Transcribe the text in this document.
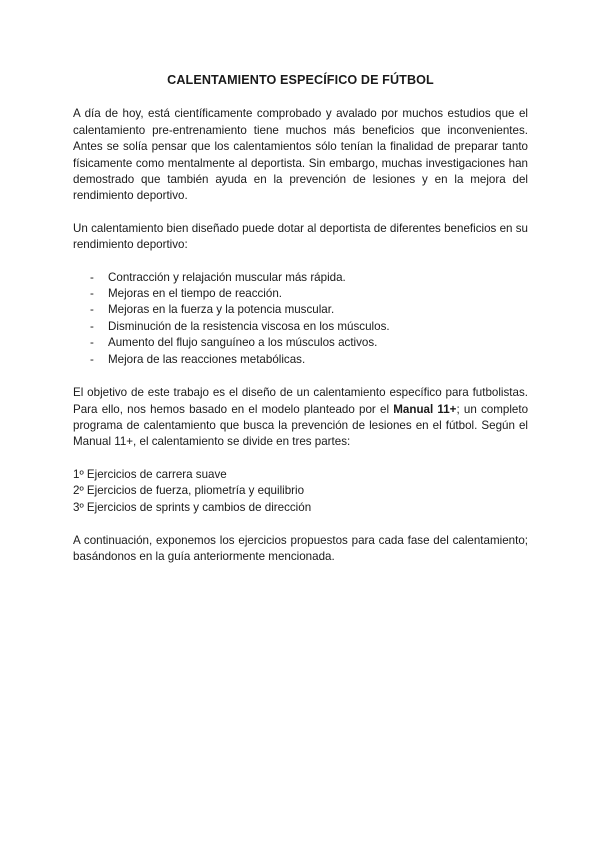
CALENTAMIENTO ESPECÍFICO DE FÚTBOL

A día de hoy, está científicamente comprobado y avalado por muchos estudios que el calentamiento pre-entrenamiento tiene muchos más beneficios que inconvenientes. Antes se solía pensar que los calentamientos sólo tenían la finalidad de preparar tanto físicamente como mentalmente al deportista. Sin embargo, muchas investigaciones han demostrado que también ayuda en la prevención de lesiones y en la mejora del rendimiento deportivo.

Un calentamiento bien diseñado puede dotar al deportista de diferentes beneficios en su rendimiento deportivo:

- Contracción y relajación muscular más rápida.
- Mejoras en el tiempo de reacción.
- Mejoras en la fuerza y la potencia muscular.
- Disminución de la resistencia viscosa en los músculos.
- Aumento del flujo sanguíneo a los músculos activos.
- Mejora de las reacciones metabólicas.

El objetivo de este trabajo es el diseño de un calentamiento específico para futbolistas. Para ello, nos hemos basado en el modelo planteado por el Manual 11+; un completo programa de calentamiento que busca la prevención de lesiones en el fútbol. Según el Manual 11+, el calentamiento se divide en tres partes:

1º Ejercicios de carrera suave
2º Ejercicios de fuerza, pliometría y equilibrio
3º Ejercicios de sprints y cambios de dirección

A continuación, exponemos los ejercicios propuestos para cada fase del calentamiento; basándonos en la guía anteriormente mencionada.
